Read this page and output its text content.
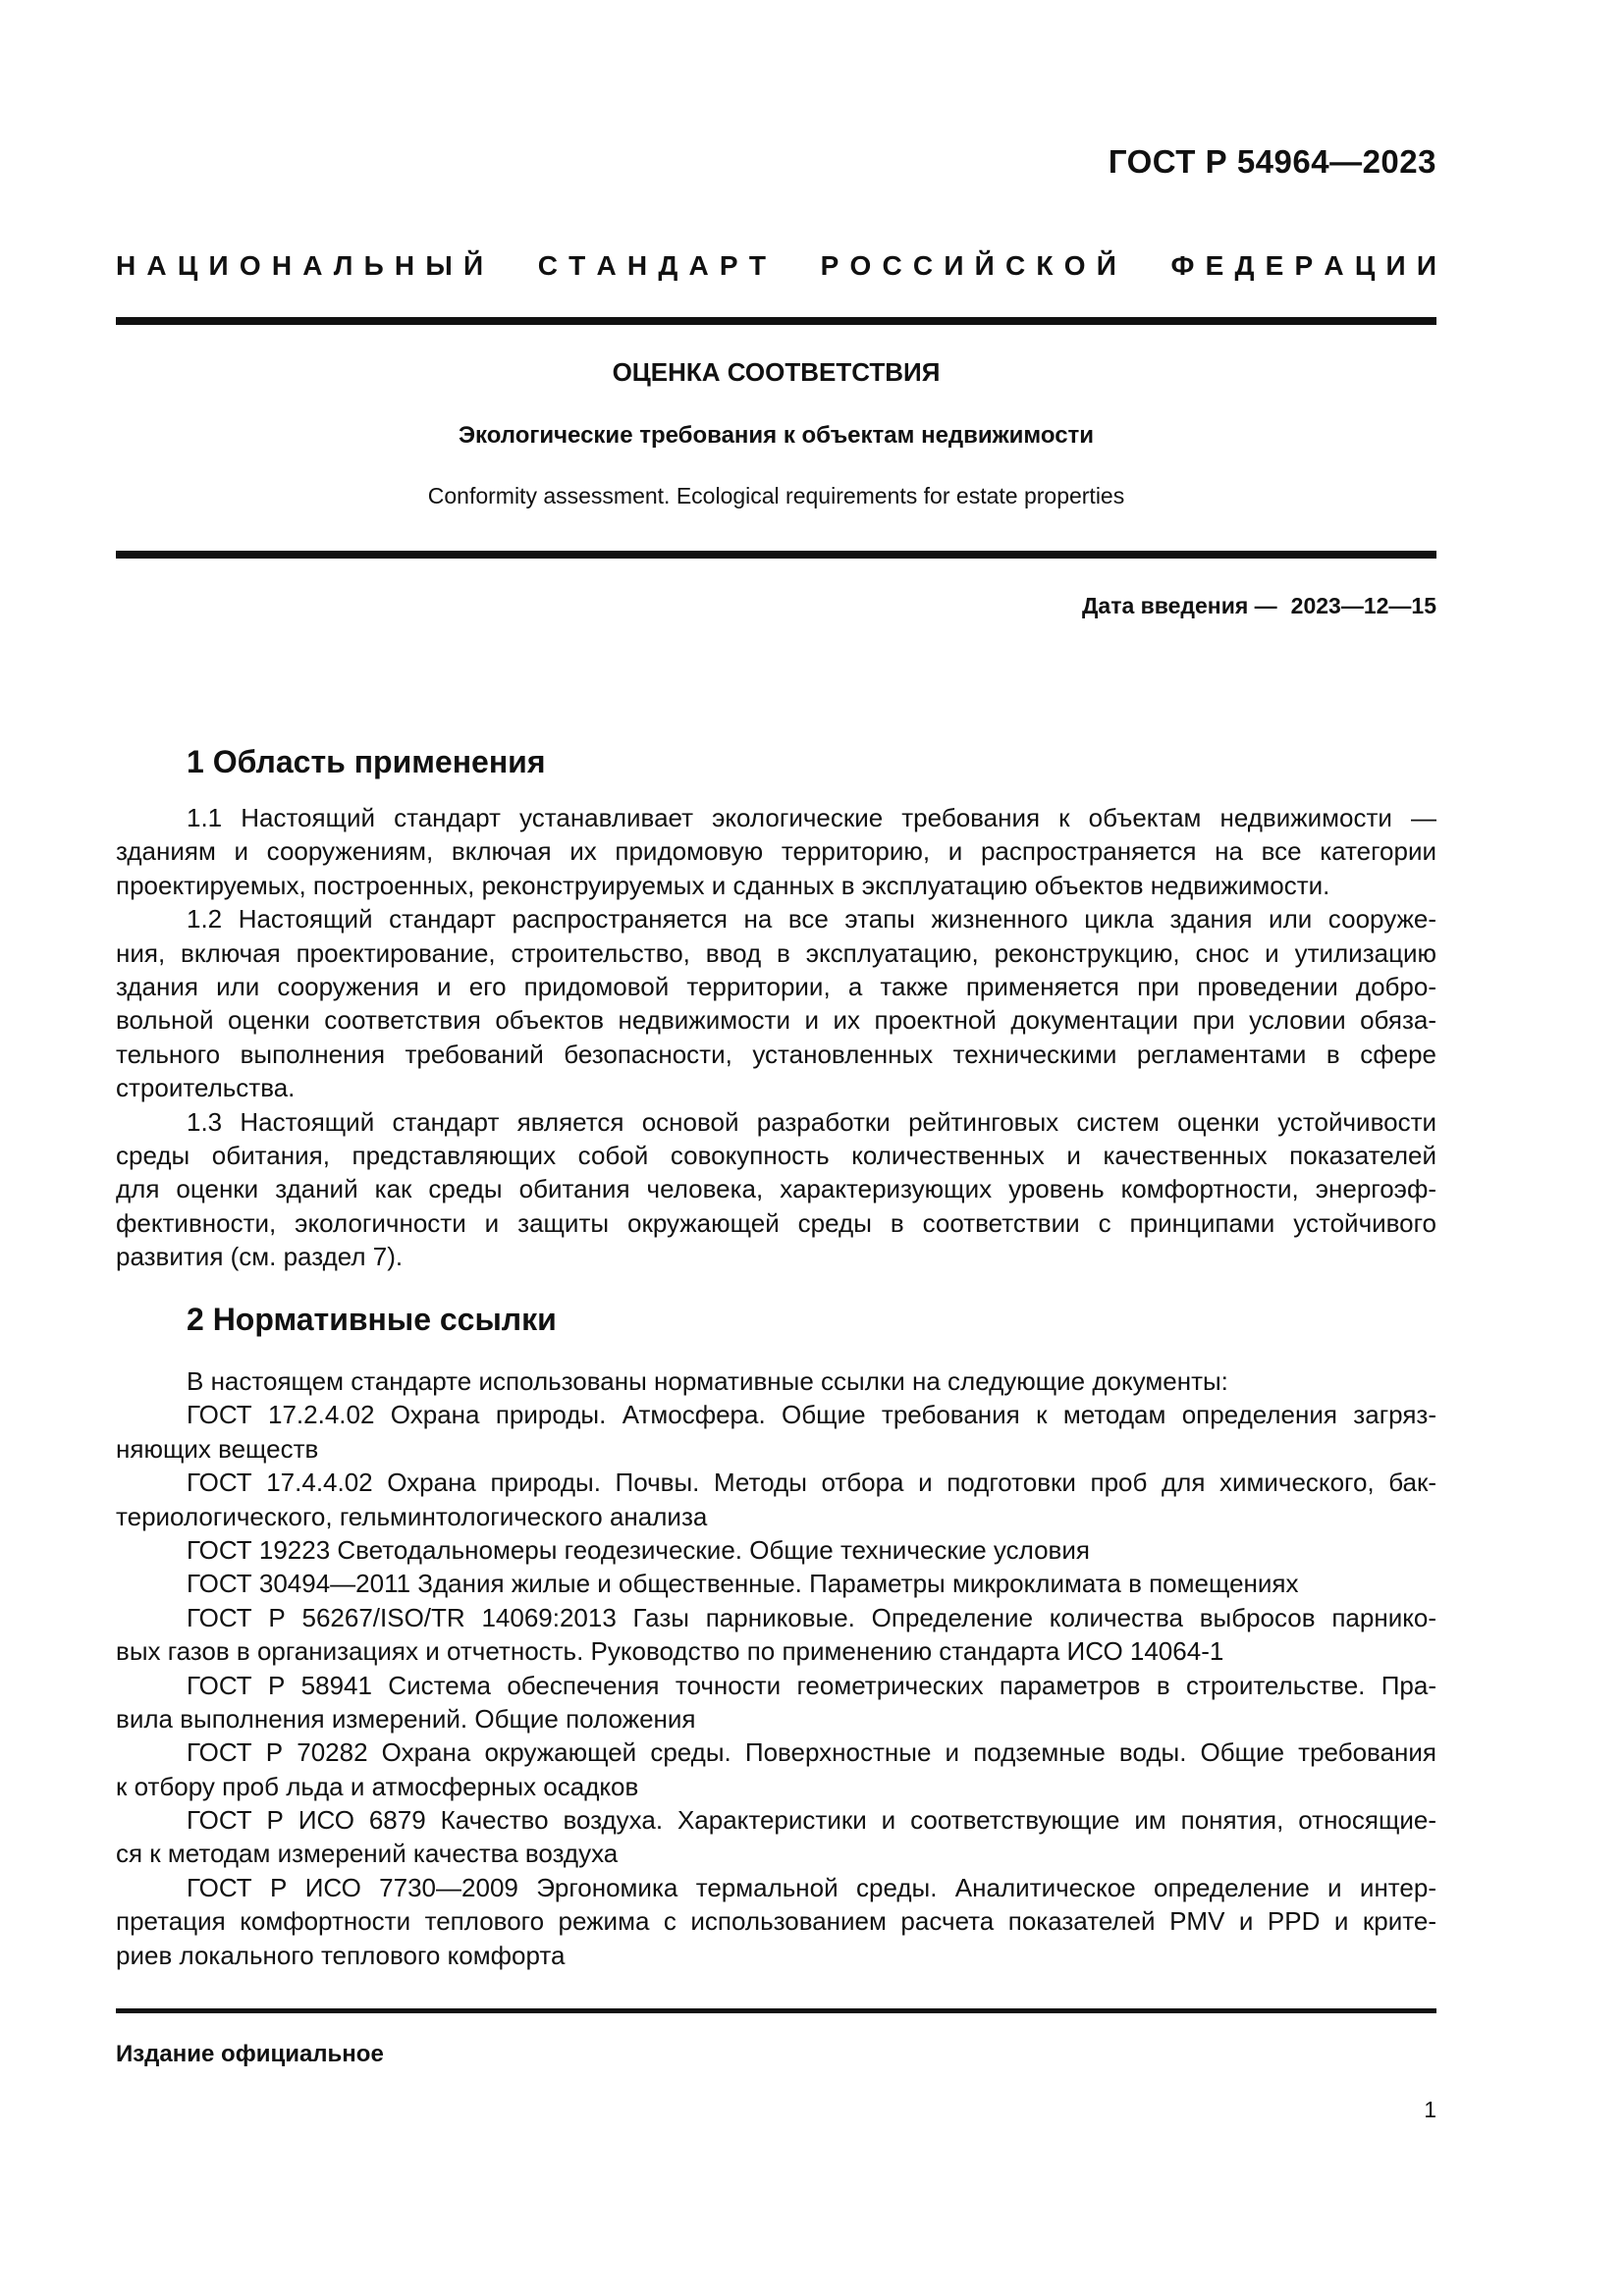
ГОСТ Р 54964—2023
Н  А  Ц  И  О  Н  А  Л  Ь  Н  Ы  Й С  Т  А  Н  Д  А  Р  Т Р  О  С  С  И  Й  С  К  О  Й Ф  Е  Д  Е  Р  А  Ц  И  И
ОЦЕНКА СООТВЕТСТВИЯ
Экологические требования к объектам недвижимости
Conformity assessment. Ecological requirements for estate properties
Дата введения — 2023—12—15
1 Область применения
1.1 Настоящий стандарт устанавливает экологические требования к объектам недвижимости —
зданиям и сооружениям, включая их придомовую территорию, и распространяется на все категории
проектируемых, построенных, реконструируемых и сданных в эксплуатацию объектов недвижимости.
1.2 Настоящий стандарт распространяется на все этапы жизненного цикла здания или сооруже-
ния, включая проектирование, строительство, ввод в эксплуатацию, реконструкцию, снос и утилизацию
здания или сооружения и его придомовой территории, а также применяется при проведении добро-
вольной оценки соответствия объектов недвижимости и их проектной документации при условии обяза-
тельного выполнения требований безопасности, установленных техническими регламентами в сфере
строительства.
1.3 Настоящий стандарт является основой разработки рейтинговых систем оценки устойчивости
среды обитания, представляющих собой совокупность количественных и качественных показателей
для оценки зданий как среды обитания человека, характеризующих уровень комфортности, энергоэф-
фективности, экологичности и защиты окружающей среды в соответствии с принципами устойчивого
развития (см. раздел 7).
2 Нормативные ссылки
В настоящем стандарте использованы нормативные ссылки на следующие документы:
ГОСТ 17.2.4.02 Охрана природы. Атмосфера. Общие требования к методам определения загряз-
няющих веществ
ГОСТ 17.4.4.02 Охрана природы. Почвы. Методы отбора и подготовки проб для химического, бак-
териологического, гельминтологического анализа
ГОСТ 19223 Светодальномеры геодезические. Общие технические условия
ГОСТ 30494—2011 Здания жилые и общественные. Параметры микроклимата в помещениях
ГОСТ Р 56267/ISO/TR 14069:2013 Газы парниковые. Определение количества выбросов парнико-
вых газов в организациях и отчетность. Руководство по применению стандарта ИСО 14064-1
ГОСТ Р 58941 Система обеспечения точности геометрических параметров в строительстве. Пра-
вила выполнения измерений. Общие положения
ГОСТ Р 70282 Охрана окружающей среды. Поверхностные и подземные воды. Общие требования
к отбору проб льда и атмосферных осадков
ГОСТ Р ИСО 6879 Качество воздуха. Характеристики и соответствующие им понятия, относящие-
ся к методам измерений качества воздуха
ГОСТ Р ИСО 7730—2009 Эргономика термальной среды. Аналитическое определение и интер-
претация комфортности теплового режима с использованием расчета показателей PMV и PPD и крите-
риев локального теплового комфорта
Издание официальное
1
